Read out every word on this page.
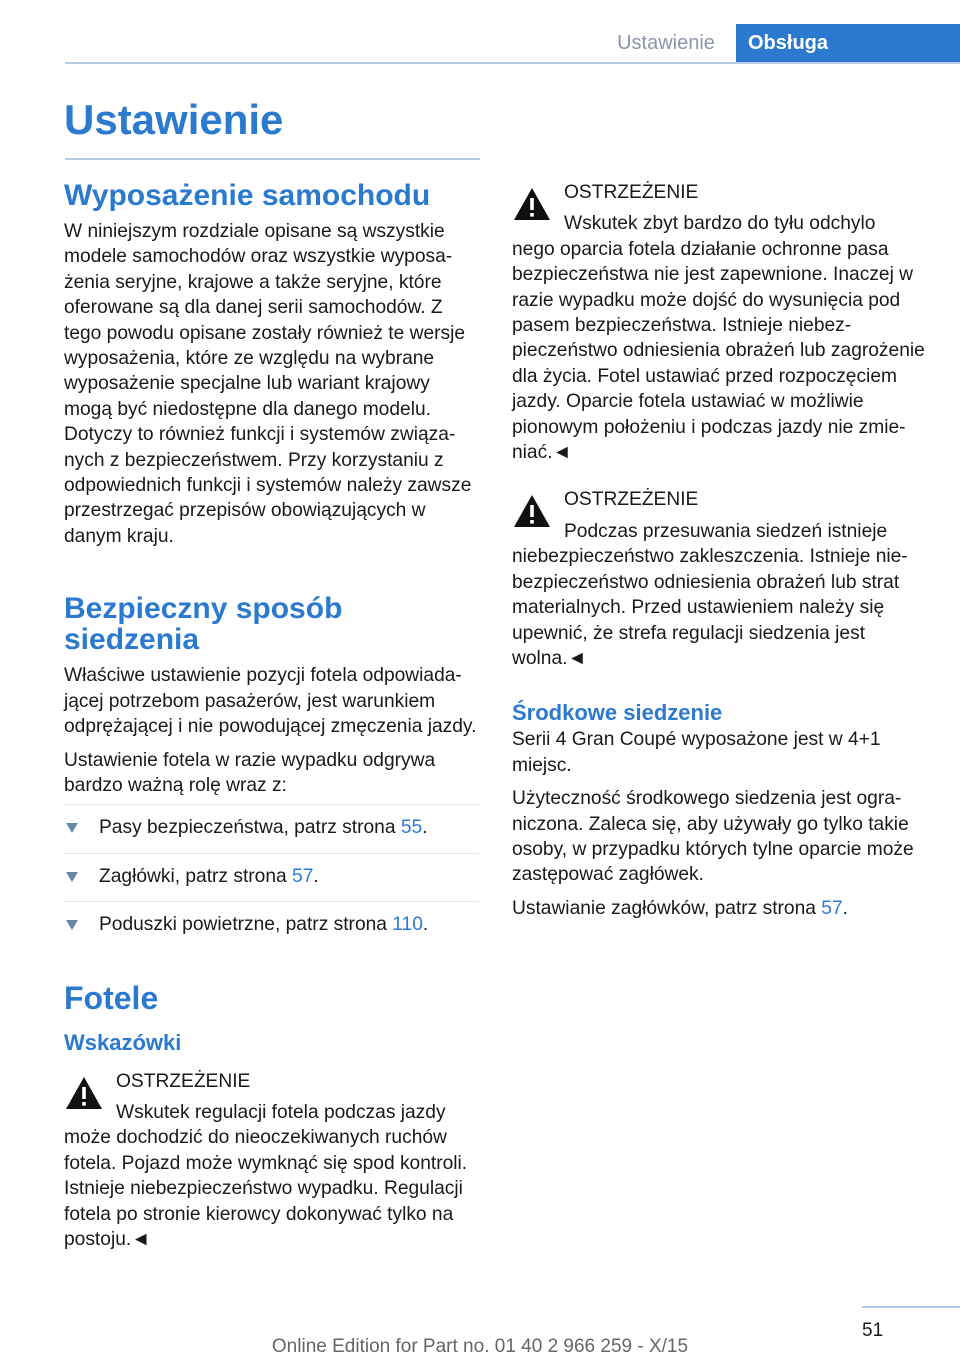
Ustawienie	Obsługa
Ustawienie
Wyposażenie samochodu

W niniejszym rozdziale opisane są wszystkie modele samochodów oraz wszystkie wyposażenia seryjne, krajowe a także seryjne, które oferowane są dla danej serii samochodów. Z tego powodu opisane zostały również te wersje wyposażenia, które ze względu na wybrane wyposażenie specjalne lub wariant krajowy mogą być niedostępne dla danego modelu. Dotyczy to również funkcji i systemów związanych z bezpieczeństwem. Przy korzystaniu z odpowiednich funkcji i systemów należy zawsze przestrzegać przepisów obowiązujących w danym kraju.

Bezpieczny sposób siedzenia

Właściwe ustawienie pozycji fotela odpowiadającej potrzebom pasażerów, jest warunkiem odprężającej i nie powodującej zmęczenia jazdy.

Ustawienie fotela w razie wypadku odgrywa bardzo ważną rolę wraz z:

Pasy bezpieczeństwa, patrz strona 55.
Zagłówki, patrz strona 57.
Poduszki powietrzne, patrz strona 110.
Fotele
Wskazówki
OSTRZEŻENIE
Wskutek regulacji fotela podczas jazdy

może dochodzić do nieoczekiwanych ruchów fotela. Pojazd może wymknąć się spod kontroli. Istnieje niebezpieczeństwo wypadku. Regulacji fotela po stronie kierowcy dokonywać tylko na postoju.◄

OSTRZEŻENIE
Wskutek zbyt bardzo do tyłu odchylo

nego oparcia fotela działanie ochronne pasa bezpieczeństwa nie jest zapewnione. Inaczej w razie wypadku może dojść do wysunięcia pod pasem bezpieczeństwa. Istnieje niebezpieczeństwo odniesienia obrażeń lub zagrożenie dla życia. Fotel ustawiać przed rozpoczęciem jazdy. Oparcie fotela ustawiać w możliwie pionowym położeniu i podczas jazdy nie zmieniać.◄

OSTRZEŻENIE
Podczas przesuwania siedzeń istnieje

niebezpieczeństwo zakleszczenia. Istnieje niebezpieczeństwo odniesienia obrażeń lub strat materialnych. Przed ustawieniem należy się upewnić, że strefa regulacji siedzenia jest wolna.◄

Środkowe siedzenie

Serii 4 Gran Coupé wyposażone jest w 4+1 miejsc.

Użyteczność środkowego siedzenia jest ograniczona. Zaleca się, aby używały go tylko takie osoby, w przypadku których tylne oparcie może zastępować zagłówek.

Ustawianie zagłówków, patrz strona 57.

51
Online Edition for Part no. 01 40 2 966 259 - X/15
